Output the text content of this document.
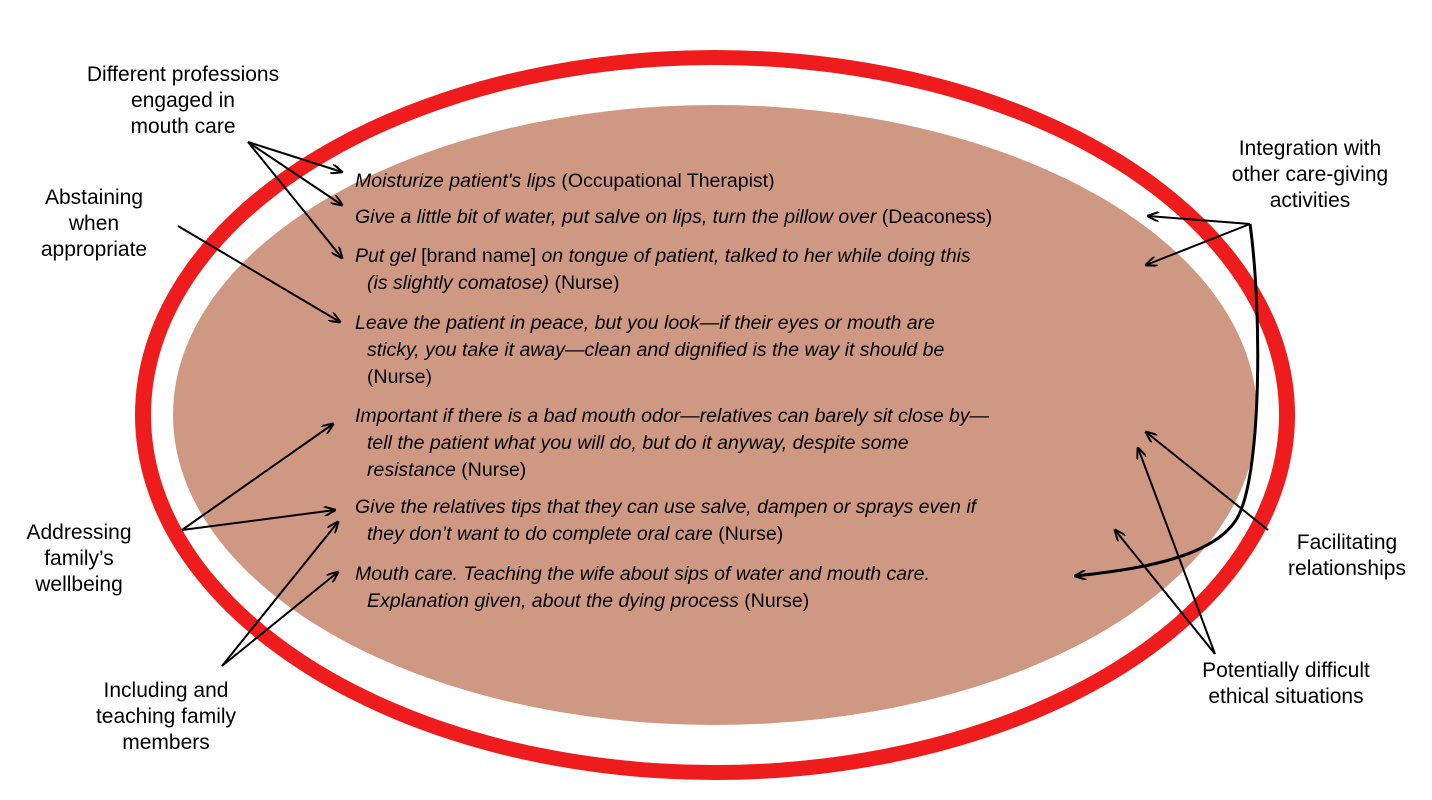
Different professions
engaged in
mouth care
Abstaining
when
appropriate
Addressing
family’s
wellbeing
Including and
teaching family
members
Integration with
other care-giving
activities
Facilitating
relationships
Potentially difficult
ethical situations
Moisturize patient's lips (Occupational Therapist)
Give a little bit of water, put salve on lips, turn the pillow over (Deaconess)
Put gel [brand name] on tongue of patient, talked to her while doing this
(is slightly comatose) (Nurse)
Leave the patient in peace, but you look—if their eyes or mouth are
sticky, you take it away—clean and dignified is the way it should be
(Nurse)
Important if there is a bad mouth odor—relatives can barely sit close by—
tell the patient what you will do, but do it anyway, despite some
resistance (Nurse)
Give the relatives tips that they can use salve, dampen or sprays even if
they don’t want to do complete oral care (Nurse)
Mouth care. Teaching the wife about sips of water and mouth care.
Explanation given, about the dying process (Nurse)
